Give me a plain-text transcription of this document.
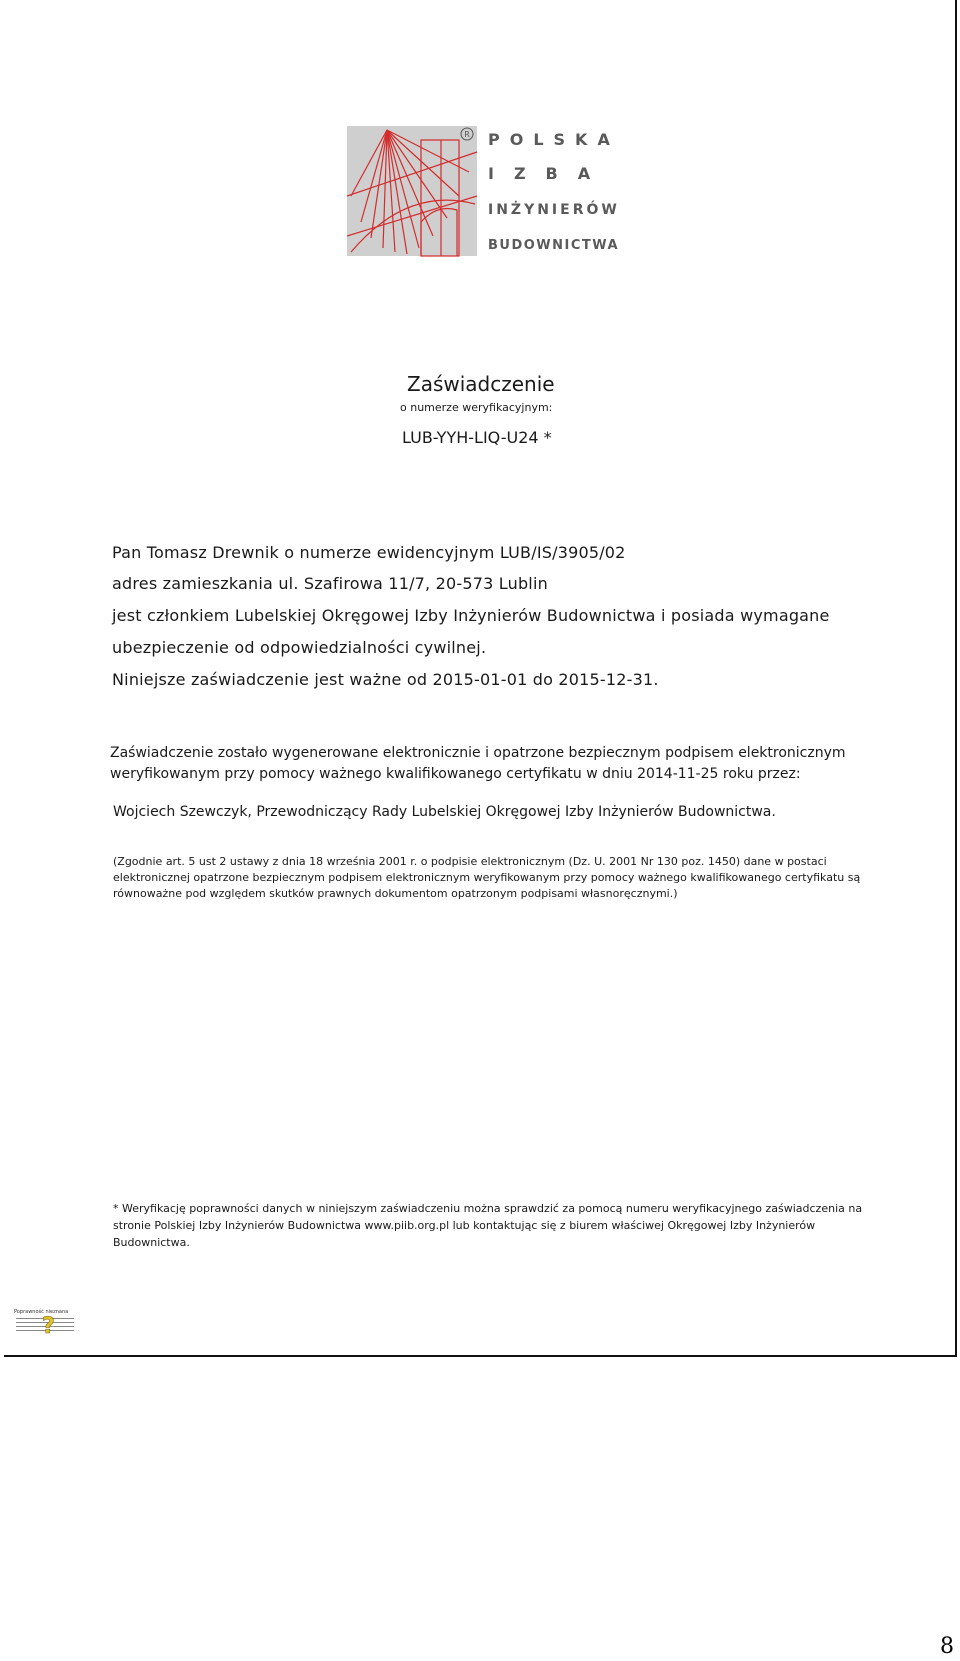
R POLSKA
IZBA
INŻYNIERÓW
BUDOWNICTWA
Zaświadczenie
o numerze weryfikacyjnym:
LUB-YYH-LIQ-U24 *
Pan Tomasz Drewnik o numerze ewidencyjnym LUB/IS/3905/02
adres zamieszkania ul. Szafirowa 11/7, 20-573 Lublin
jest członkiem Lubelskiej Okręgowej Izby Inżynierów Budownictwa i posiada wymagane
ubezpieczenie od odpowiedzialności cywilnej.
Niniejsze zaświadczenie jest ważne od 2015-01-01 do 2015-12-31.
Zaświadczenie zostało wygenerowane elektronicznie i opatrzone bezpiecznym podpisem elektronicznym
weryfikowanym przy pomocy ważnego kwalifikowanego certyfikatu w dniu 2014-11-25 roku przez:
Wojciech Szewczyk, Przewodniczący Rady Lubelskiej Okręgowej Izby Inżynierów Budownictwa.
(Zgodnie art. 5 ust 2 ustawy z dnia 18 września 2001 r. o podpisie elektronicznym (Dz. U. 2001 Nr 130 poz. 1450) dane w postaci
elektronicznej opatrzone bezpiecznym podpisem elektronicznym weryfikowanym przy pomocy ważnego kwalifikowanego certyfikatu są
równoważne pod względem skutków prawnych dokumentom opatrzonym podpisami własnoręcznymi.)
* Weryfikację poprawności danych w niniejszym zaświadczeniu można sprawdzić za pomocą numeru weryfikacyjnego zaświadczenia na
stronie Polskiej Izby Inżynierów Budownictwa www.piib.org.pl lub kontaktując się z biurem właściwej Okręgowej Izby Inżynierów
Budownictwa.
Poprawność nieznana
?
8
